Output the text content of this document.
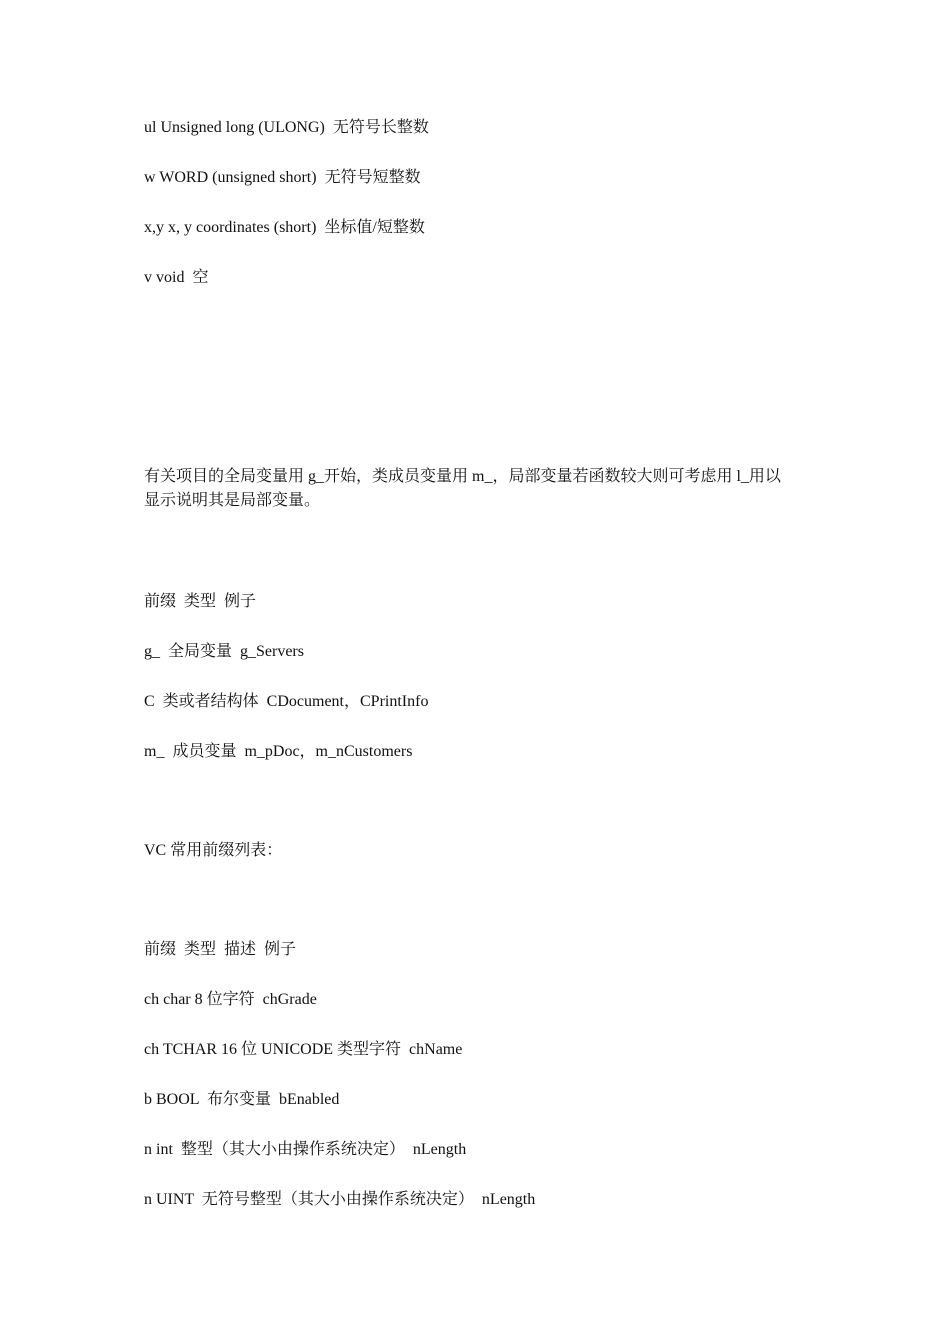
ul Unsigned long (ULONG)  无符号长整数
w WORD (unsigned short)  无符号短整数
x,y x, y coordinates (short)  坐标值/短整数
v void  空
有关项目的全局变量用 g_开始，类成员变量用 m_，局部变量若函数较大则可考虑用 l_用以
显示说明其是局部变量。
前缀  类型  例子
g_  全局变量  g_Servers
C  类或者结构体  CDocument，CPrintInfo
m_  成员变量  m_pDoc，m_nCustomers
VC 常用前缀列表：
前缀  类型  描述  例子
ch char 8 位字符  chGrade
ch TCHAR 16 位 UNICODE 类型字符  chName
b BOOL  布尔变量  bEnabled
n int  整型（其大小由操作系统决定）  nLength
n UINT  无符号整型（其大小由操作系统决定）  nLength
